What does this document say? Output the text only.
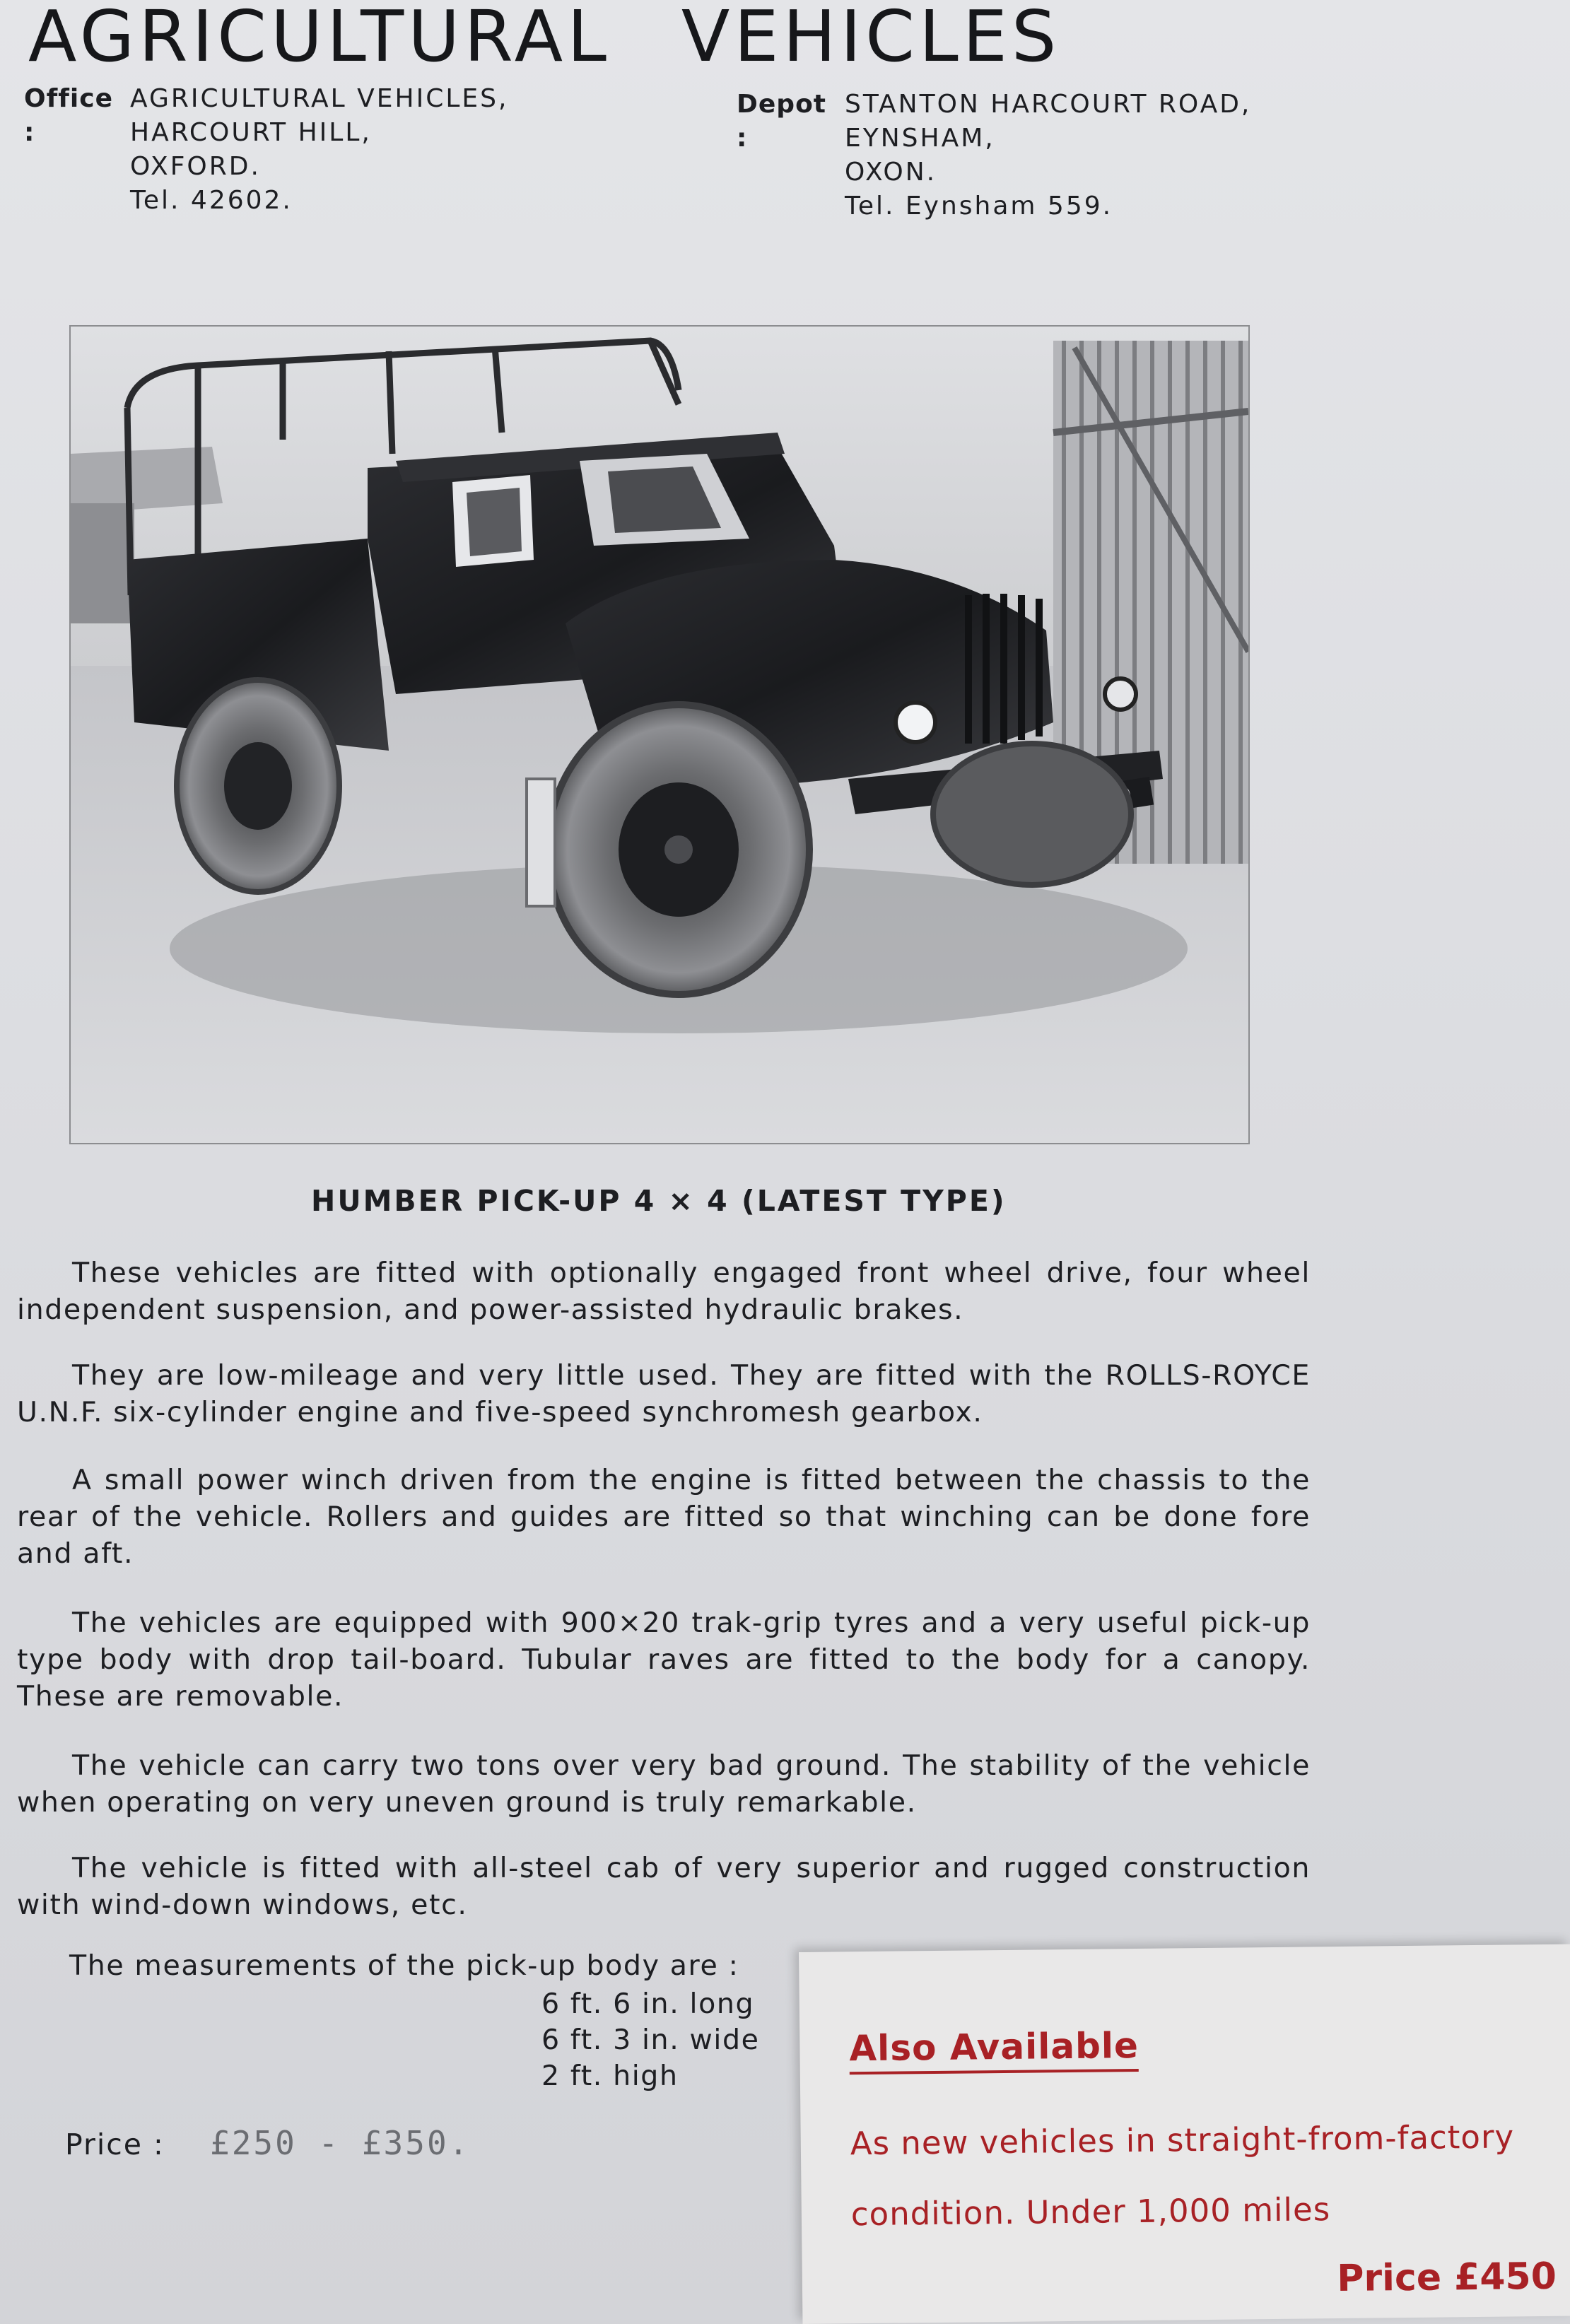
AGRICULTURAL VEHICLES
Office :
AGRICULTURAL VEHICLES,
HARCOURT HILL,
OXFORD.
Tel. 42602.
Depot :
STANTON HARCOURT ROAD,
EYNSHAM,
OXON.
Tel. Eynsham 559.
HUMBER PICK-UP 4 × 4 (LATEST TYPE)

These vehicles are fitted with optionally engaged front wheel drive, four wheel independent suspension, and power-assisted hydraulic brakes.

They are low-mileage and very little used. They are fitted with the ROLLS-ROYCE U.N.F. six-cylinder engine and five-speed synchromesh gearbox.

A small power winch driven from the engine is fitted between the chassis to the rear of the vehicle. Rollers and guides are fitted so that winching can be done fore and aft.

The vehicles are equipped with 900×20 trak-grip tyres and a very useful pick-up type body with drop tail-board. Tubular raves are fitted to the body for a canopy. These are removable.

The vehicle can carry two tons over very bad ground. The stability of the vehicle when operating on very uneven ground is truly remarkable.

The vehicle is fitted with all-steel cab of very superior and rugged construction with wind-down windows, etc.

The measurements of the pick-up body are :

6 ft. 6 in. long
6 ft. 3 in. wide
2 ft. high
Price : £250 - £350.

Also Available

As new vehicles in straight-from-factory condition. Under 1,000 miles

Price £450
